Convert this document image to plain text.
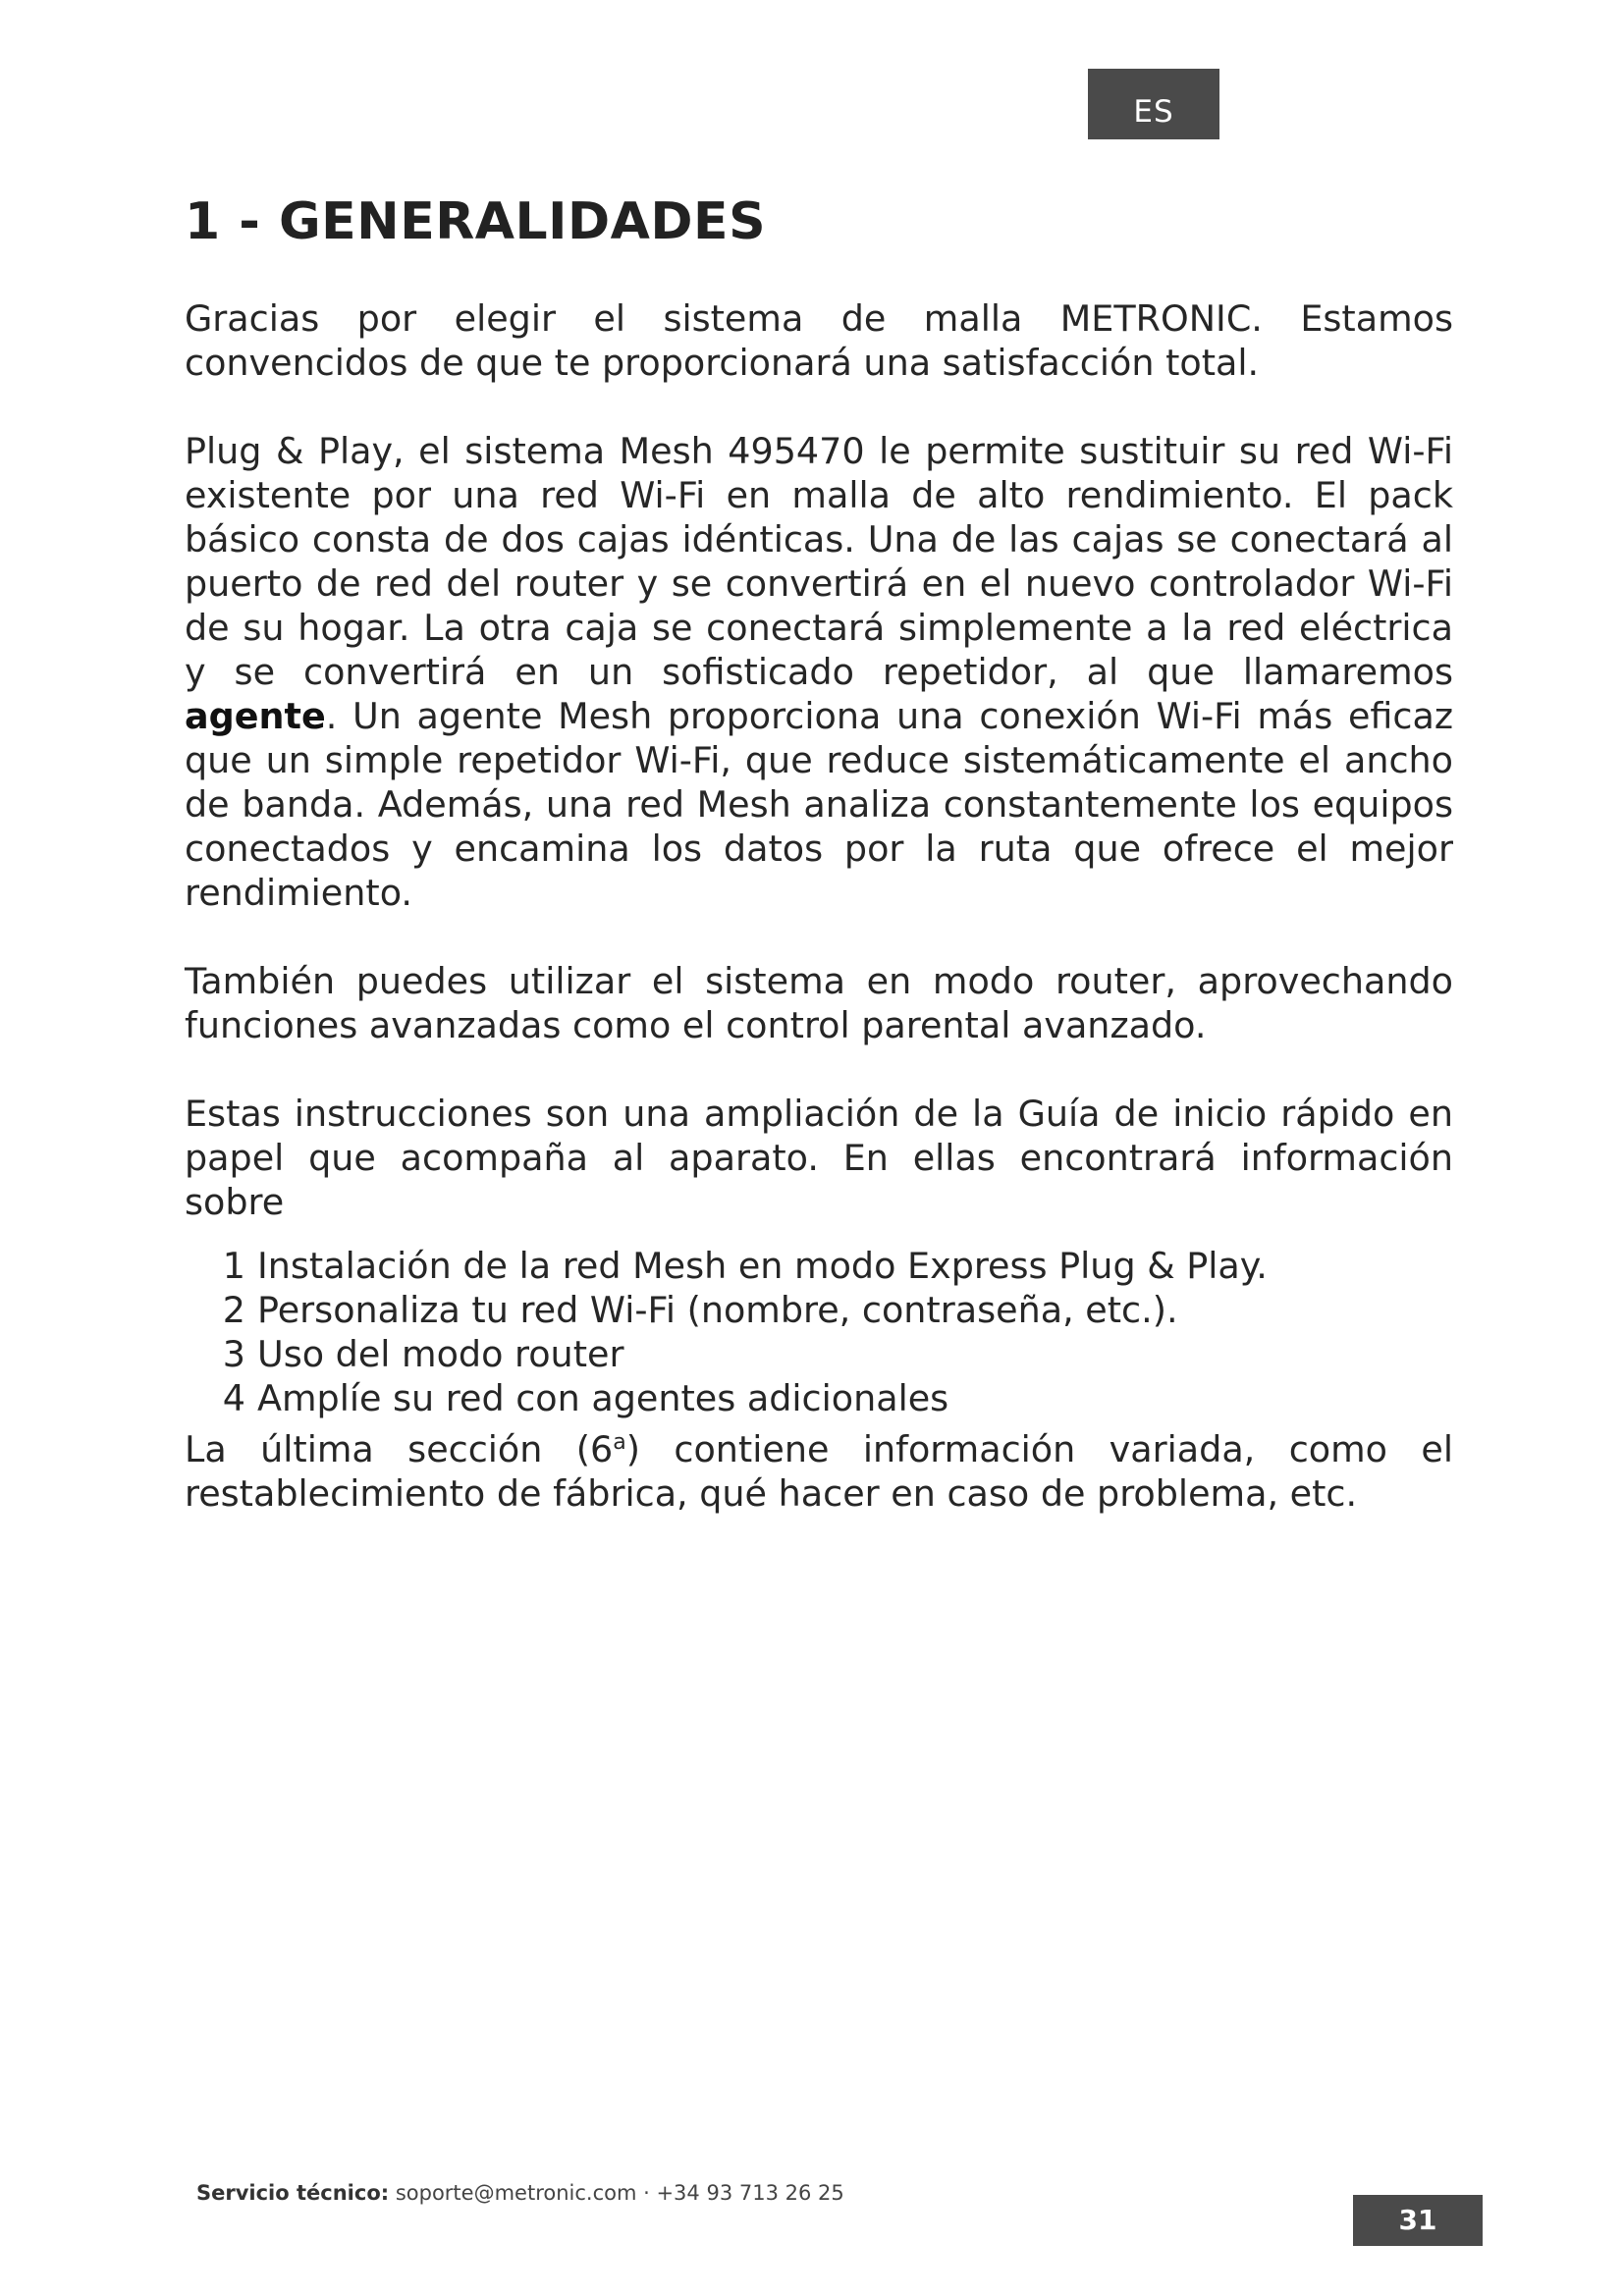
ES
1 - GENERALIDADES

Gracias por elegir el sistema de malla METRONIC. Estamos convencidos de que te proporcionará una satisfacción total.

Plug & Play, el sistema Mesh 495470 le permite sustituir su red Wi-Fi existente por una red Wi-Fi en malla de alto rendimiento. El pack básico consta de dos cajas idénticas. Una de las cajas se conectará al puerto de red del router y se convertirá en el nuevo controlador Wi-Fi de su hogar. La otra caja se conectará simplemente a la red eléctrica y se convertirá en un sofisticado repetidor, al que llamaremos agente. Un agente Mesh proporciona una conexión Wi-Fi más eficaz que un simple repetidor Wi-Fi, que reduce sistemáticamente el ancho de banda. Además, una red Mesh analiza constantemente los equipos conectados y encamina los datos por la ruta que ofrece el mejor rendimiento.

También puedes utilizar el sistema en modo router, aprovechando funciones avanzadas como el control parental avanzado.

Estas instrucciones son una ampliación de la Guía de inicio rápido en papel que acompaña al aparato. En ellas encontrará información sobre

1 Instalación de la red Mesh en modo Express Plug & Play.
2 Personaliza tu red Wi-Fi (nombre, contraseña, etc.).
3 Uso del modo router
4 Amplíe su red con agentes adicionales

La última sección (6$^a$) contiene información variada, como el restablecimiento de fábrica, qué hacer en caso de problema, etc.

Servicio técnico: soporte@metronic.com · +34 93 713 26 25
31
